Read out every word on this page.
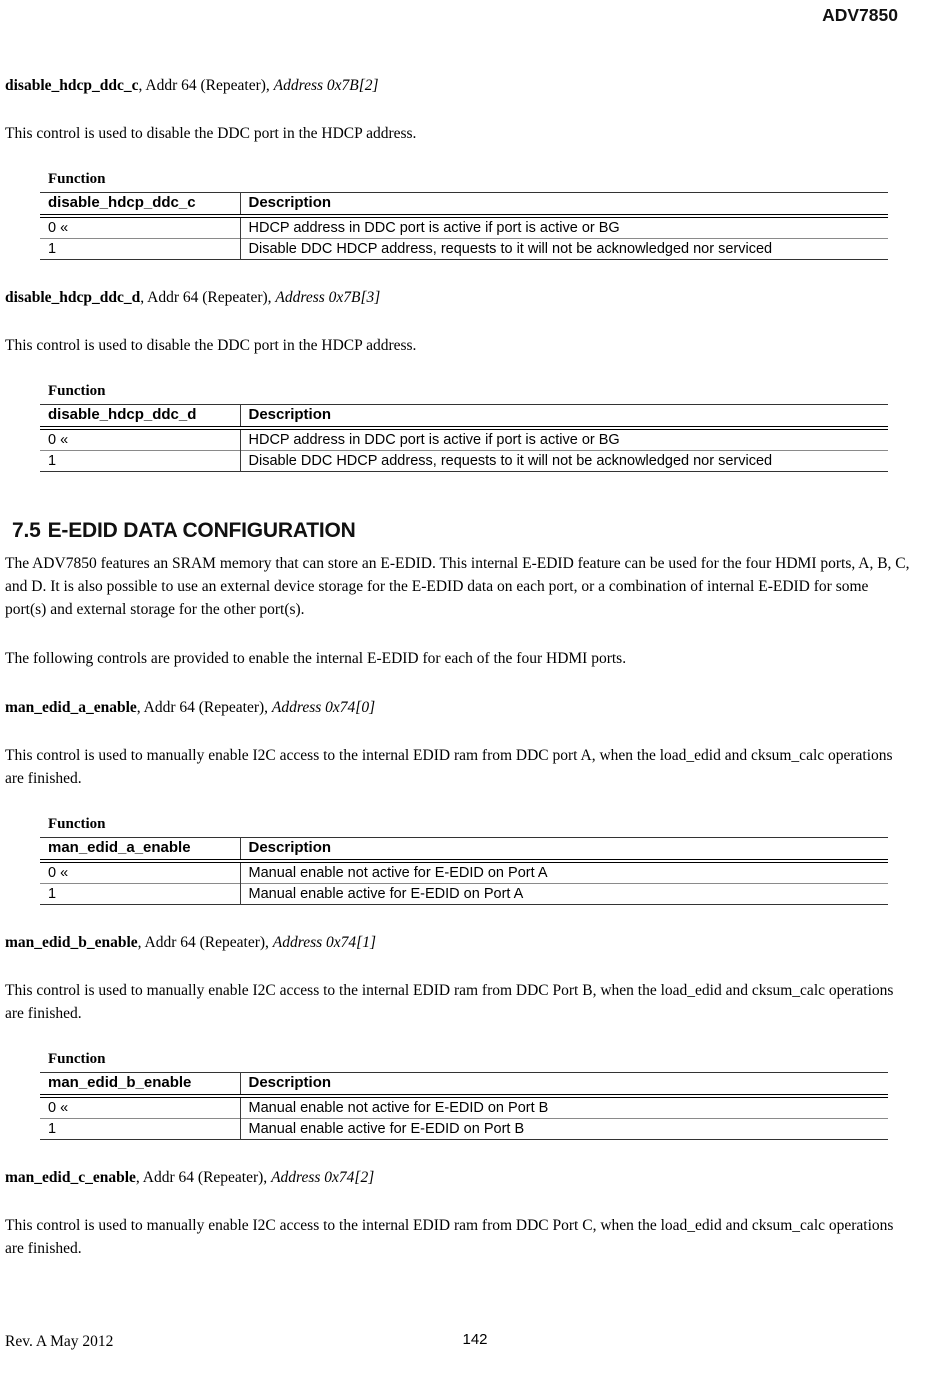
ADV7850

disable_hdcp_ddc_c, Addr 64 (Repeater), Address 0x7B[2]

This control is used to disable the DDC port in the HDCP address.

Function
disable_hdcp_ddc_c	Description
0 «	HDCP address in DDC port is active if port is active or BG
1	Disable DDC HDCP address, requests to it will not be acknowledged nor serviced

disable_hdcp_ddc_d, Addr 64 (Repeater), Address 0x7B[3]

This control is used to disable the DDC port in the HDCP address.

Function
disable_hdcp_ddc_d	Description
0 «	HDCP address in DDC port is active if port is active or BG
1	Disable DDC HDCP address, requests to it will not be acknowledged nor serviced
7.5 E-EDID DATA CONFIGURATION

The ADV7850 features an SRAM memory that can store an E-EDID. This internal E-EDID feature can be used for the four HDMI ports, A, B, C, and D. It is also possible to use an external device storage for the E-EDID data on each port, or a combination of internal E-EDID for some port(s) and external storage for the other port(s).

The following controls are provided to enable the internal E-EDID for each of the four HDMI ports.

man_edid_a_enable, Addr 64 (Repeater), Address 0x74[0]

This control is used to manually enable I2C access to the internal EDID ram from DDC port A, when the load_edid and cksum_calc operations are finished.

Function
man_edid_a_enable	Description
0 «	Manual enable not active for E-EDID on Port A
1	Manual enable active for E-EDID on Port A

man_edid_b_enable, Addr 64 (Repeater), Address 0x74[1]

This control is used to manually enable I2C access to the internal EDID ram from DDC Port B, when the load_edid and cksum_calc operations are finished.

Function
man_edid_b_enable	Description
0 «	Manual enable not active for E-EDID on Port B
1	Manual enable active for E-EDID on Port B

man_edid_c_enable, Addr 64 (Repeater), Address 0x74[2]

This control is used to manually enable I2C access to the internal EDID ram from DDC Port C, when the load_edid and cksum_calc operations are finished.

Rev. A May 2012	142
